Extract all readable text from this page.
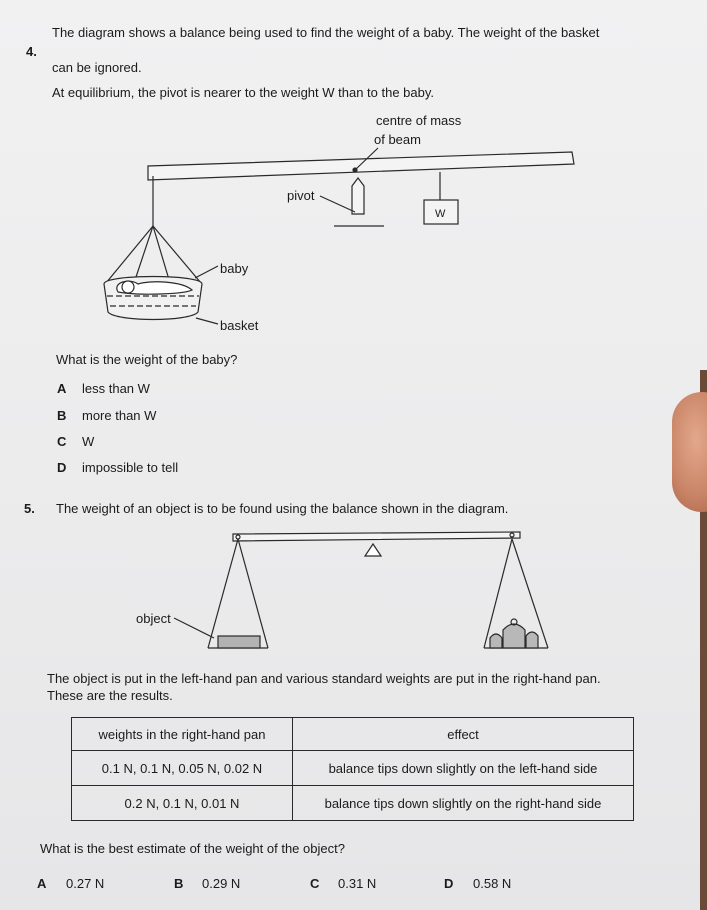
4.
The diagram shows a balance being used to find the weight of a baby. The weight of the basket
can be ignored.
At equilibrium, the pivot is nearer to the weight W than to the baby.
centre of mass
of beam
pivot
W
baby
basket
What is the weight of the baby?
A less than W
B more than W
C W
D impossible to tell
5. The weight of an object is to be found using the balance shown in the diagram.
object
The object is put in the left-hand pan and various standard weights are put in the right-hand pan.
These are the results.
weights in the right-hand pan	effect
0.1 N, 0.1 N, 0.05 N, 0.02 N	balance tips down slightly on the left-hand side
0.2 N, 0.1 N, 0.01 N	balance tips down slightly on the right-hand side
What is the best estimate of the weight of the object?
A 0.27 N	B 0.29 N	C 0.31 N	D 0.58 N
